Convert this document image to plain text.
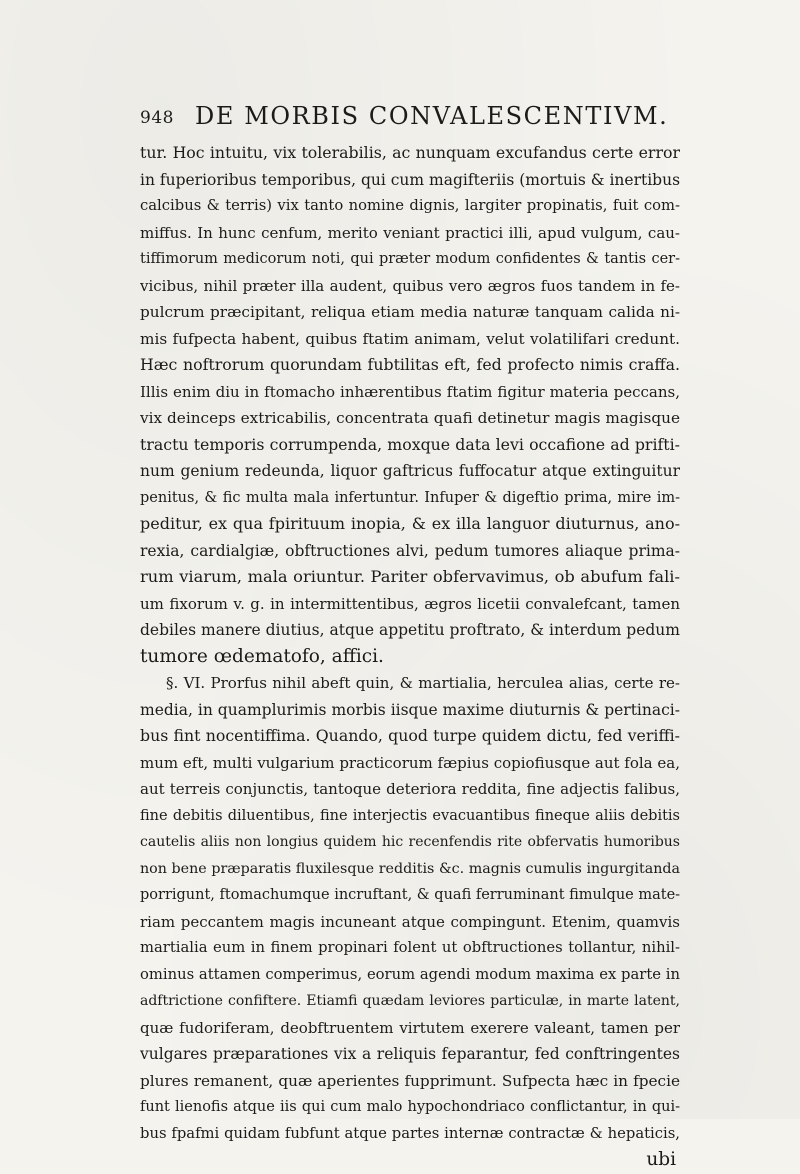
948 DE MORBIS CONVALESCENTIVM.
tur. Hoc intuitu, vix tolerabilis, ac nunquam excufandus certe error
in fuperioribus temporibus, qui cum magifteriis (mortuis & inertibus
calcibus & terris) vix tanto nomine dignis, largiter propinatis, fuit com-
miffus. In hunc cenfum, merito veniant practici illi, apud vulgum, cau-
tiffimorum medicorum noti, qui præter modum confidentes & tantis cer-
vicibus, nihil præter illa audent, quibus vero ægros fuos tandem in fe-
pulcrum præcipitant, reliqua etiam media naturæ tanquam calida ni-
mis fufpecta habent, quibus ftatim animam, velut volatilifari credunt.
Hæc noftrorum quorundam fubtilitas eft, fed profecto nimis craffa.
Illis enim diu in ftomacho inhærentibus ftatim figitur materia peccans,
vix deinceps extricabilis, concentrata quafi detinetur magis magisque
tractu temporis corrumpenda, moxque data levi occafione ad prifti-
num genium redeunda, liquor gaftricus fuffocatur atque extinguitur
penitus, & fic multa mala infertuntur. Infuper & digeftio prima, mire im-
peditur, ex qua fpirituum inopia, & ex illa languor diuturnus, ano-
rexia, cardialgiæ, obftructiones alvi, pedum tumores aliaque prima-
rum viarum, mala oriuntur. Pariter obfervavimus, ob abufum fali-
um fixorum v. g. in intermittentibus, ægros licetii convalefcant, tamen
debiles manere diutius, atque appetitu proftrato, & interdum pedum
tumore œdematofo, affici.
§. VI. Prorfus nihil abeft quin, & martialia, herculea alias, certe re-
media, in quamplurimis morbis iisque maxime diuturnis & pertinaci-
bus fint nocentiffima. Quando, quod turpe quidem dictu, fed veriffi-
mum eft, multi vulgarium practicorum fæpius copiofiusque aut fola ea,
aut terreis conjunctis, tantoque deteriora reddita, fine adjectis falibus,
fine debitis diluentibus, fine interjectis evacuantibus fineque aliis debitis
cautelis aliis non longius quidem hic recenfendis rite obfervatis humoribus
non bene præparatis fluxilesque redditis &c. magnis cumulis ingurgitanda
porrigunt, ftomachumque incruftant, & quafi ferruminant fimulque mate-
riam peccantem magis incuneant atque compingunt. Etenim, quamvis
martialia eum in finem propinari folent ut obftructiones tollantur, nihil-
ominus attamen comperimus, eorum agendi modum maxima ex parte in
adftrictione confiftere. Etiamfi quædam leviores particulæ, in marte latent,
quæ fudoriferam, deobftruentem virtutem exerere valeant, tamen per
vulgares præparationes vix a reliquis feparantur, fed conftringentes
plures remanent, quæ aperientes fupprimunt. Sufpecta hæc in fpecie
funt lienofis atque iis qui cum malo hypochondriaco conflictantur, in qui-
bus fpafmi quidam fubfunt atque partes internæ contractæ & hepaticis,
ubi
